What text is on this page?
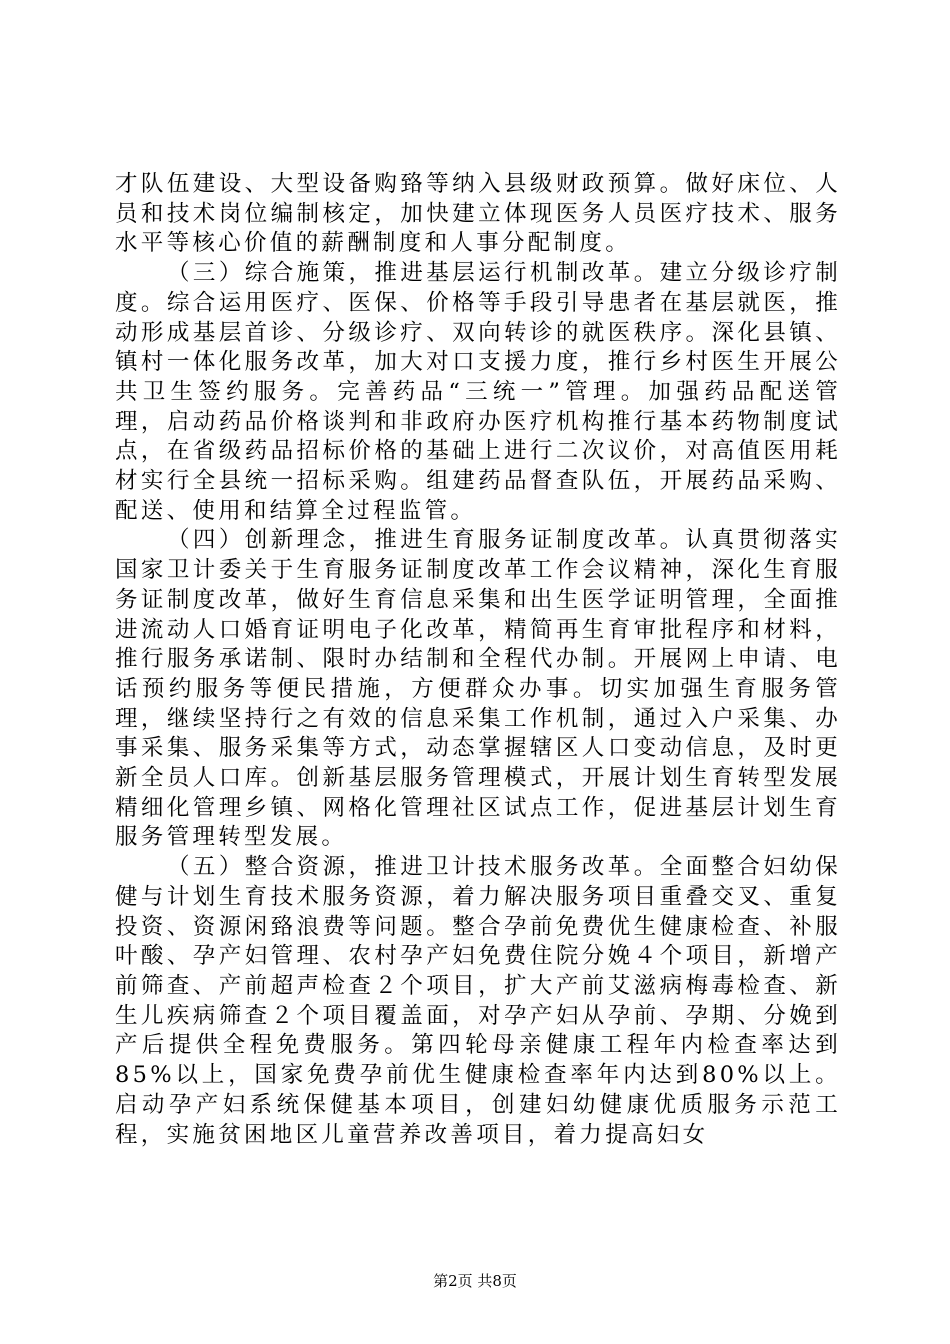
才队伍建设、大型设备购臵等纳入县级财政预算。做好床位、人员和技术岗位编制核定，加快建立体现医务人员医疗技术、服务水平等核心价值的薪酬制度和人事分配制度。

（三）综合施策，推进基层运行机制改革。建立分级诊疗制度。综合运用医疗、医保、价格等手段引导患者在基层就医，推动形成基层首诊、分级诊疗、双向转诊的就医秩序。深化县镇、镇村一体化服务改革，加大对口支援力度，推行乡村医生开展公共卫生签约服务。完善药品“三统一”管理。加强药品配送管理，启动药品价格谈判和非政府办医疗机构推行基本药物制度试点，在省级药品招标价格的基础上进行二次议价，对高值医用耗材实行全县统一招标采购。组建药品督查队伍，开展药品采购、配送、使用和结算全过程监管。

（四）创新理念，推进生育服务证制度改革。认真贯彻落实国家卫计委关于生育服务证制度改革工作会议精神，深化生育服务证制度改革，做好生育信息采集和出生医学证明管理，全面推进流动人口婚育证明电子化改革，精简再生育审批程序和材料，推行服务承诺制、限时办结制和全程代办制。开展网上申请、电话预约服务等便民措施，方便群众办事。切实加强生育服务管理，继续坚持行之有效的信息采集工作机制，通过入户采集、办事采集、服务采集等方式，动态掌握辖区人口变动信息，及时更新全员人口库。创新基层服务管理模式，开展计划生育转型发展精细化管理乡镇、网格化管理社区试点工作，促进基层计划生育服务管理转型发展。

（五）整合资源，推进卫计技术服务改革。全面整合妇幼保健与计划生育技术服务资源，着力解决服务项目重叠交叉、重复投资、资源闲臵浪费等问题。整合孕前免费优生健康检查、补服叶酸、孕产妇管理、农村孕产妇免费住院分娩４个项目，新增产前筛查、产前超声检查２个项目，扩大产前艾滋病梅毒检查、新生儿疾病筛查２个项目覆盖面，对孕产妇从孕前、孕期、分娩到产后提供全程免费服务。第四轮母亲健康工程年内检查率达到85%以上，国家免费孕前优生健康检查率年内达到80%以上。启动孕产妇系统保健基本项目，创建妇幼健康优质服务示范工程，实施贫困地区儿童营养改善项目，着力提高妇女

第2页 共8页
